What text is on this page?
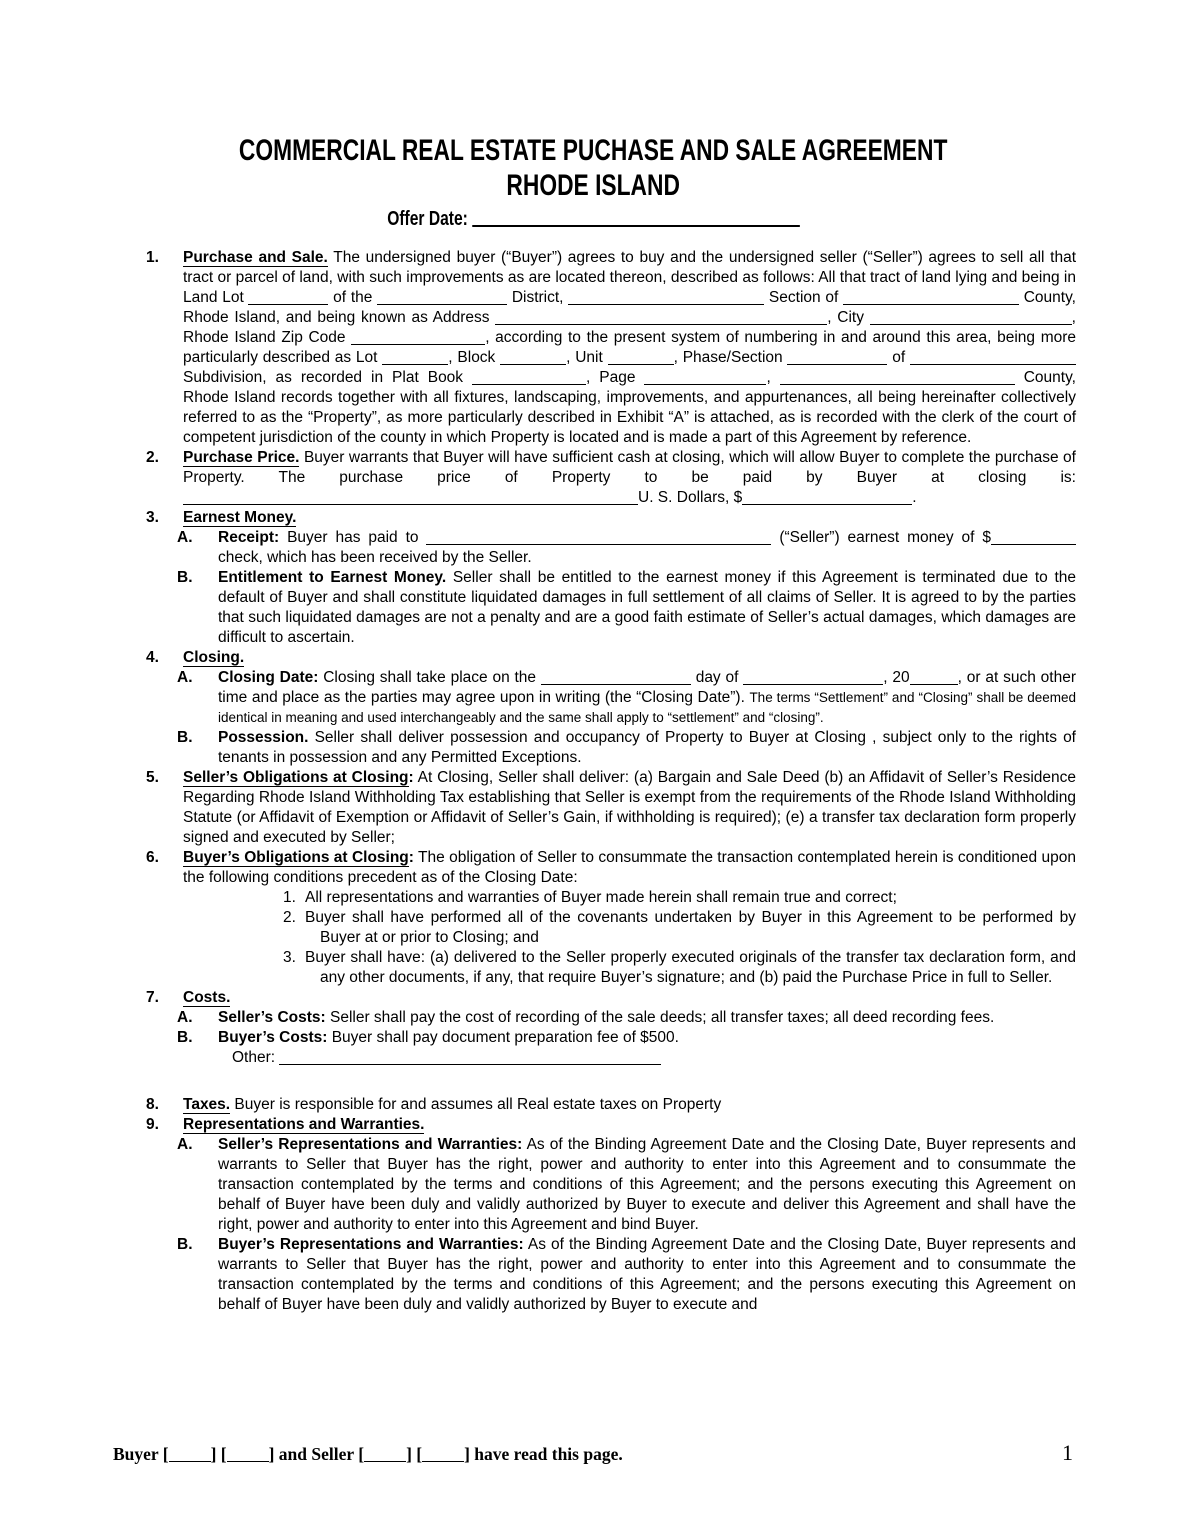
COMMERCIAL REAL ESTATE PUCHASE AND SALE AGREEMENT
RHODE ISLAND
Offer Date:
1. Purchase and Sale. The undersigned buyer (“Buyer”) agrees to buy and the undersigned seller (“Seller”) agrees to sell all that tract or parcel of land, with such improvements as are located thereon, described as follows: All that tract of land lying and being in Land Lot	of the	District,	Section of	County, Rhode Island, and being known as Address	, City	, Rhode Island Zip Code	, according to the present system of numbering in and around this area, being more particularly described as Lot	, Block	, Unit	, Phase/Section	of  Subdivision, as recorded in Plat Book	, Page	,	County, Rhode Island records together with all fixtures, landscaping, improvements, and appurtenances, all being hereinafter collectively referred to as the “Property”, as more particularly described in Exhibit “A” is attached, as is recorded with the clerk of the court of competent jurisdiction of the county in which Property is located and is made a part of this Agreement by reference.
2. Purchase Price. Buyer warrants that Buyer will have sufficient cash at closing, which will allow Buyer to complete the purchase of Property. The purchase price of Property to be paid by Buyer at closing is: U. S. Dollars, $	.
3. Earnest Money.
A. Receipt: Buyer has paid to	(“Seller”) earnest money of $ check, which has been received by the Seller.
B. Entitlement to Earnest Money. Seller shall be entitled to the earnest money if this Agreement is terminated due to the default of Buyer and shall constitute liquidated damages in full settlement of all claims of Seller. It is agreed to by the parties that such liquidated damages are not a penalty and are a good faith estimate of Seller’s actual damages, which damages are difficult to ascertain.
4. Closing.
A. Closing Date: Closing shall take place on the	day of	, 20	, or at such other time and place as the parties may agree upon in writing (the “Closing Date”). The terms “Settlement” and “Closing” shall be deemed identical in meaning and used interchangeably and the same shall apply to “settlement” and “closing”.
B. Possession. Seller shall deliver possession and occupancy of Property to Buyer at Closing , subject only to the rights of tenants in possession and any Permitted Exceptions.
5. Seller’s Obligations at Closing: At Closing, Seller shall deliver: (a) Bargain and Sale Deed (b) an Affidavit of Seller’s Residence Regarding Rhode Island Withholding Tax establishing that Seller is exempt from the requirements of the Rhode Island Withholding Statute (or Affidavit of Exemption or Affidavit of Seller’s Gain, if withholding is required); (e) a transfer tax declaration form properly signed and executed by Seller;
6. Buyer’s Obligations at Closing: The obligation of Seller to consummate the transaction contemplated herein is conditioned upon the following conditions precedent as of the Closing Date:
1. All representations and warranties of Buyer made herein shall remain true and correct;
2. Buyer shall have performed all of the covenants undertaken by Buyer in this Agreement to be performed by Buyer at or prior to Closing; and
3. Buyer shall have: (a) delivered to the Seller properly executed originals of the transfer tax declaration form, and any other documents, if any, that require Buyer’s signature; and (b) paid the Purchase Price in full to Seller.
7. Costs.
A. Seller’s Costs: Seller shall pay the cost of recording of the sale deeds; all transfer taxes; all deed recording fees.
B. Buyer’s Costs: Buyer shall pay document preparation fee of $500.
Other:
8. Taxes. Buyer is responsible for and assumes all Real estate taxes on Property
9. Representations and Warranties.
A. Seller’s Representations and Warranties: As of the Binding Agreement Date and the Closing Date, Buyer represents and warrants to Seller that Buyer has the right, power and authority to enter into this Agreement and to consummate the transaction contemplated by the terms and conditions of this Agreement; and the persons executing this Agreement on behalf of Buyer have been duly and validly authorized by Buyer to execute and deliver this Agreement and shall have the right, power and authority to enter into this Agreement and bind Buyer.
B. Buyer’s Representations and Warranties: As of the Binding Agreement Date and the Closing Date, Buyer represents and warrants to Seller that Buyer has the right, power and authority to enter into this Agreement and to consummate the transaction contemplated by the terms and conditions of this Agreement; and the persons executing this Agreement on behalf of Buyer have been duly and validly authorized by Buyer to execute and
Buyer [ ] [ ] and Seller [ ] [ ] have read this page.	1
